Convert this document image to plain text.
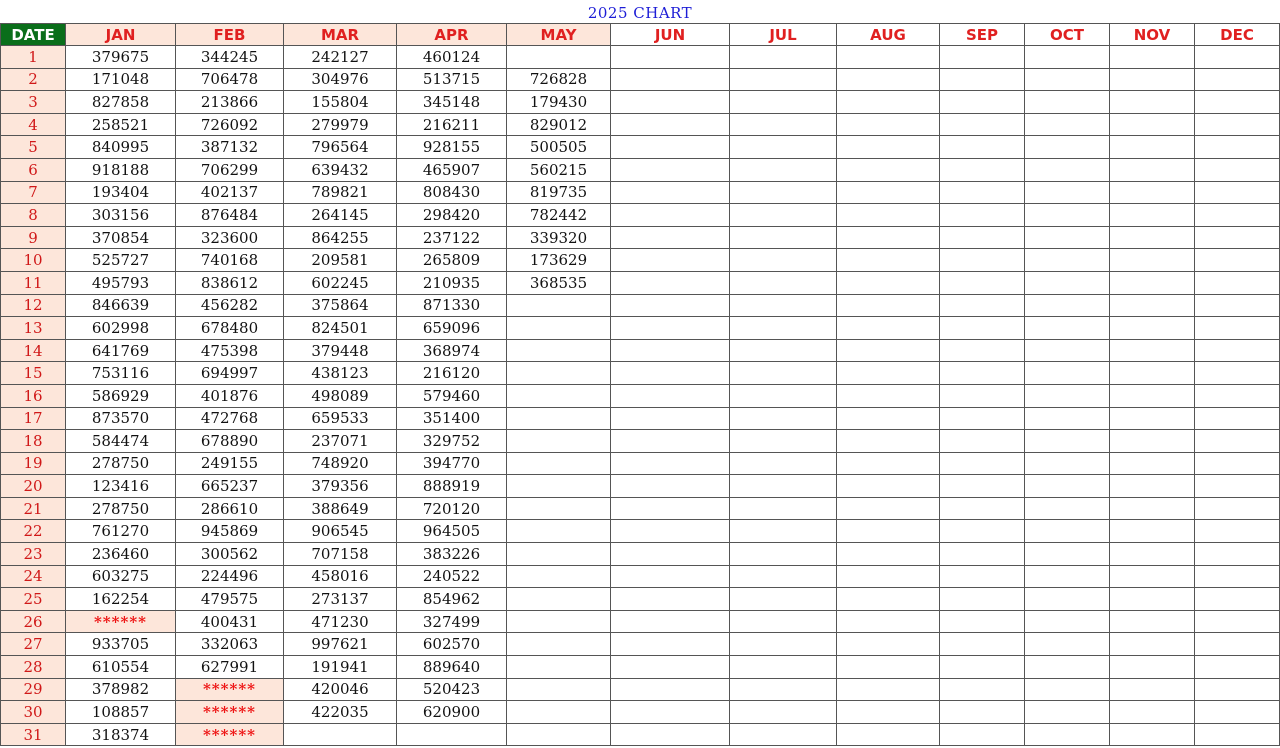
2025 CHART
DATE	JAN	FEB	MAR	APR	MAY	JUN	JUL	AUG	SEP	OCT	NOV	DEC
1	379675	344245	242127	460124								
2	171048	706478	304976	513715	726828							
3	827858	213866	155804	345148	179430							
4	258521	726092	279979	216211	829012							
5	840995	387132	796564	928155	500505							
6	918188	706299	639432	465907	560215							
7	193404	402137	789821	808430	819735							
8	303156	876484	264145	298420	782442							
9	370854	323600	864255	237122	339320							
10	525727	740168	209581	265809	173629							
11	495793	838612	602245	210935	368535							
12	846639	456282	375864	871330								
13	602998	678480	824501	659096								
14	641769	475398	379448	368974								
15	753116	694997	438123	216120								
16	586929	401876	498089	579460								
17	873570	472768	659533	351400								
18	584474	678890	237071	329752								
19	278750	249155	748920	394770								
20	123416	665237	379356	888919								
21	278750	286610	388649	720120								
22	761270	945869	906545	964505								
23	236460	300562	707158	383226								
24	603275	224496	458016	240522								
25	162254	479575	273137	854962								
26	******	400431	471230	327499								
27	933705	332063	997621	602570								
28	610554	627991	191941	889640								
29	378982	******	420046	520423								
30	108857	******	422035	620900								
31	318374	******										
